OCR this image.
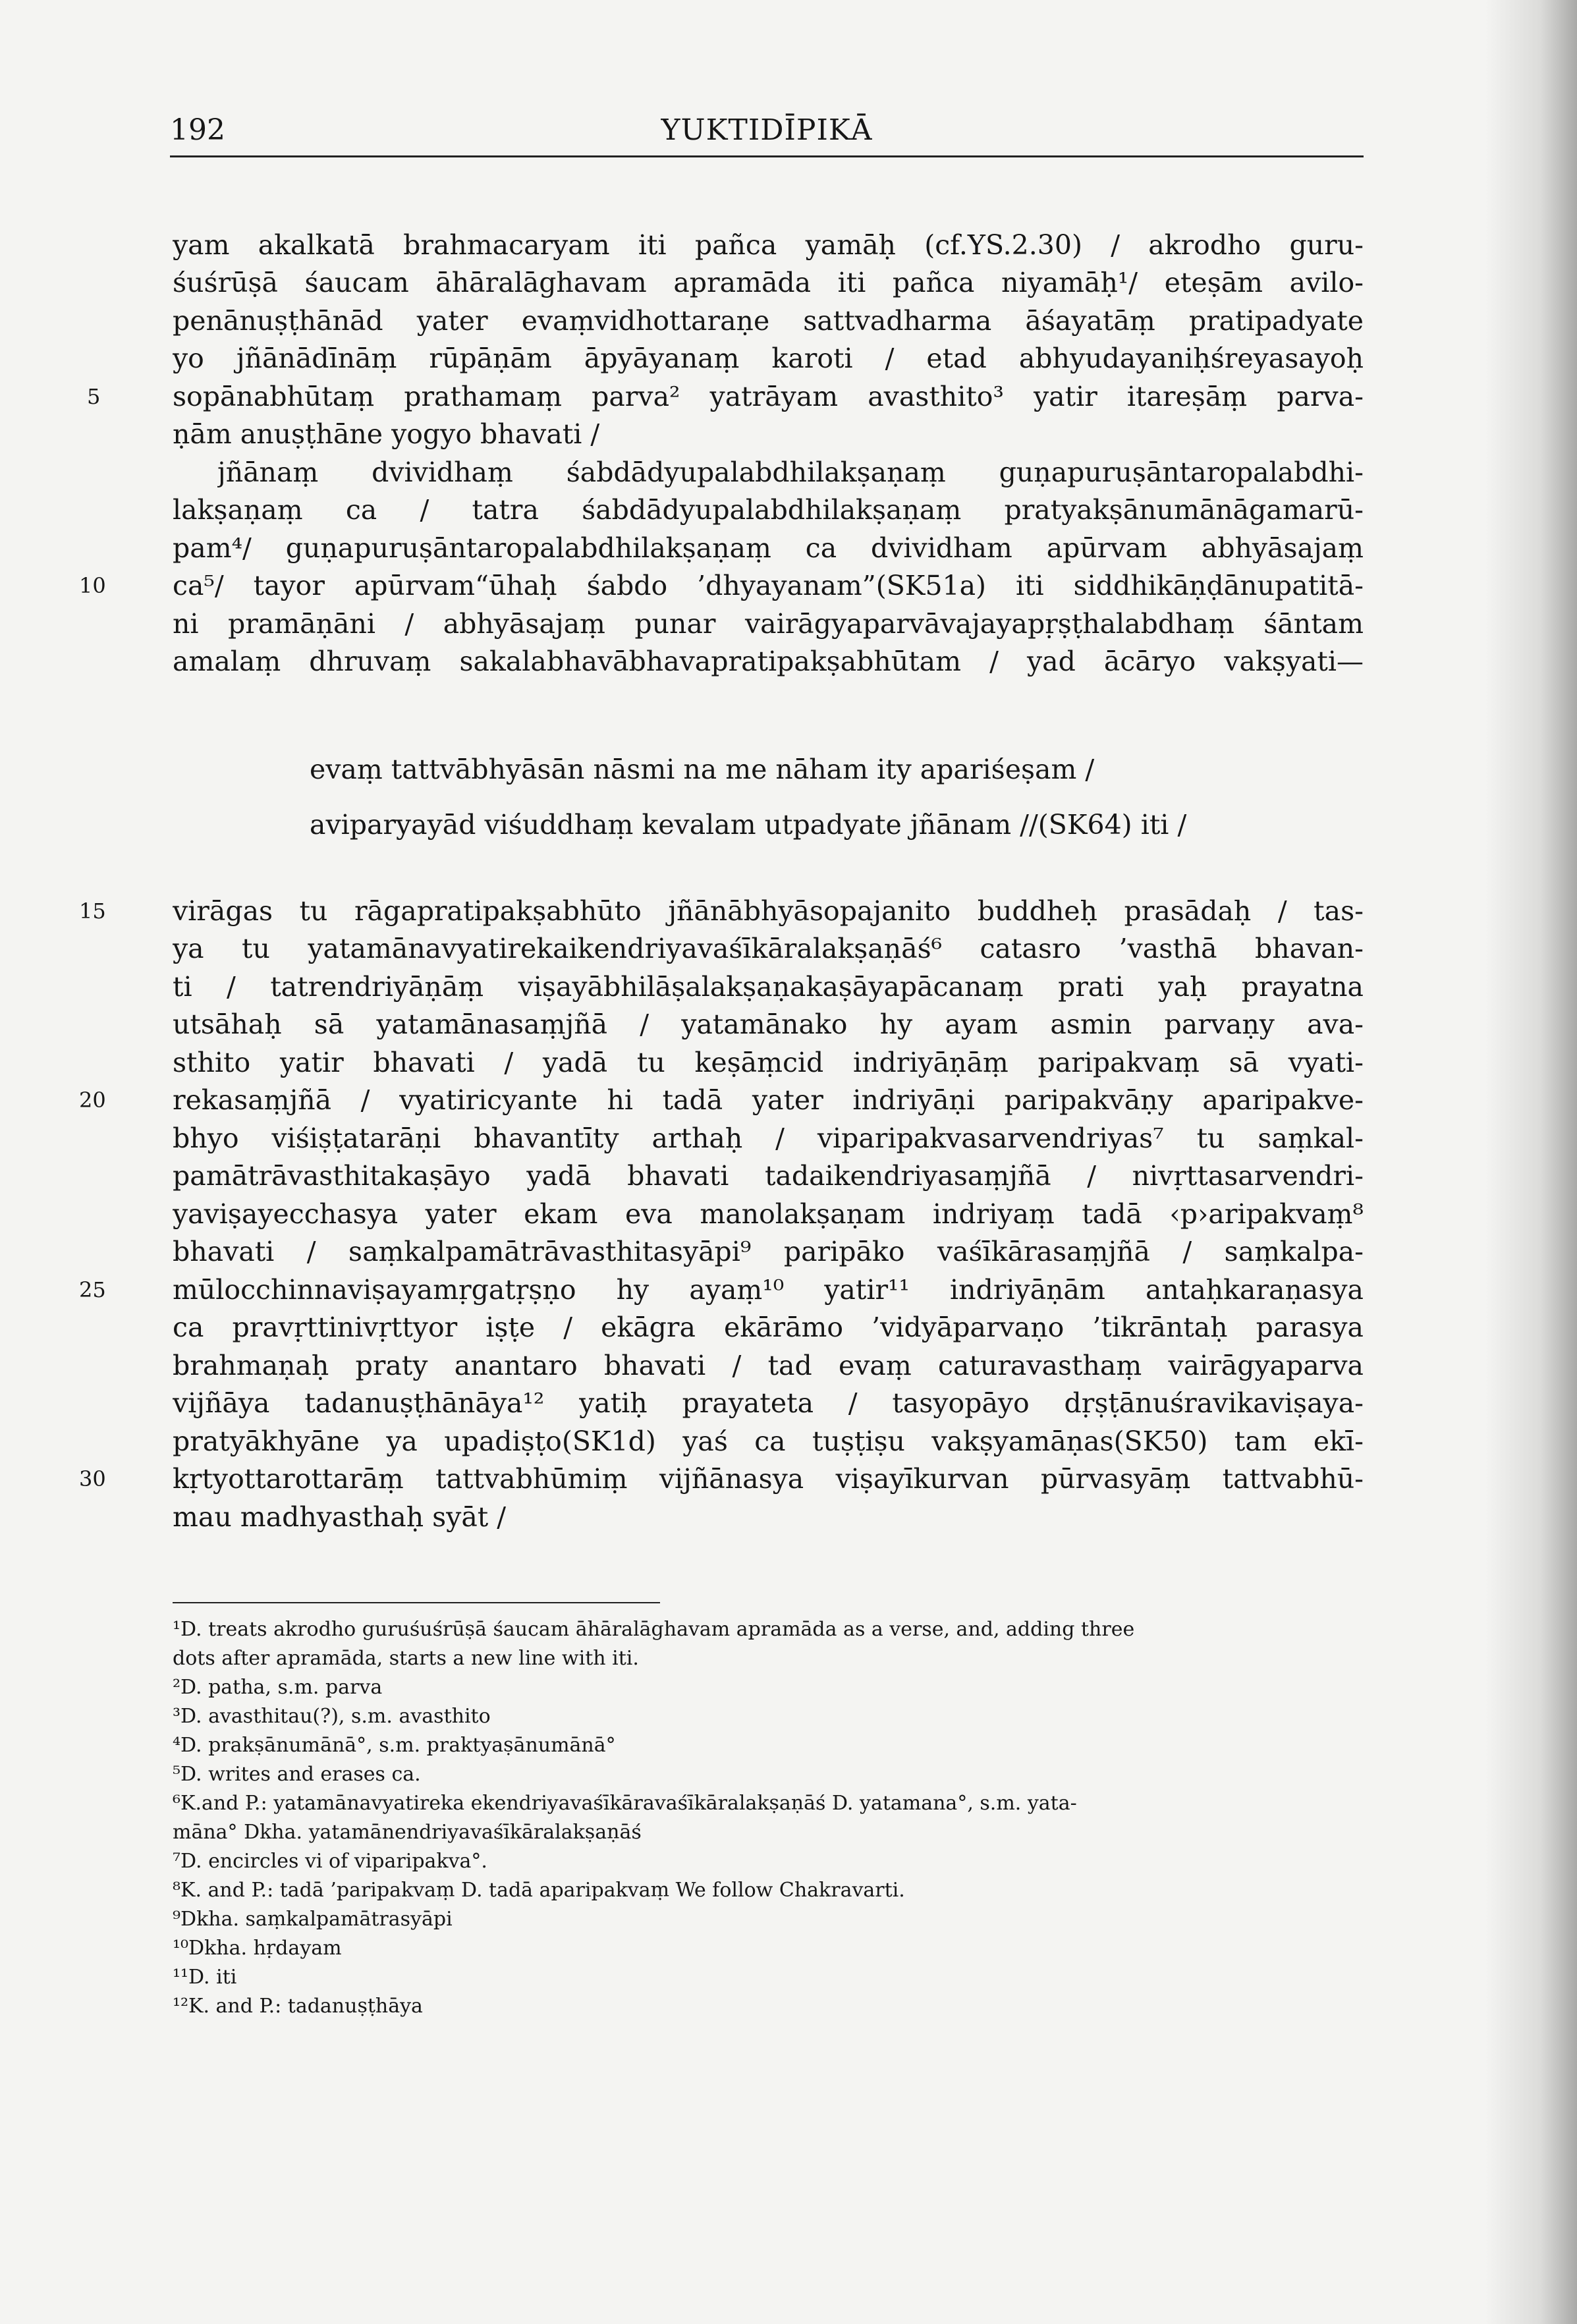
192	YUKTIDĪPIKĀ
yam akalkatā brahmacaryam iti pañca yamāḥ (cf.YS.2.30) / akrodho guru-
śuśrūṣā śaucam āhāralāghavam apramāda iti pañca niyamāḥ¹/ eteṣām avilo-
penānuṣṭhānād yater evaṃvidhottaraṇe sattvadharma āśayatāṃ pratipadyate
yo jñānādīnāṃ rūpāṇām āpyāyanaṃ karoti / etad abhyudayaniḥśreyasayoḥ
sopānabhūtaṃ prathamaṃ parva² yatrāyam avasthito³ yatir itareṣāṃ parva-
ṇām anuṣṭhāne yogyo bhavati /
jñānaṃ dvividhaṃ śabdādyupalabdhilakṣaṇaṃ guṇapuruṣāntaropalabdhi-
lakṣaṇaṃ ca / tatra śabdādyupalabdhilakṣaṇaṃ pratyakṣānumānāgamarū-
pam⁴/ guṇapuruṣāntaropalabdhilakṣaṇaṃ ca dvividham apūrvam abhyāsajaṃ
ca⁵/ tayor apūrvam“ūhaḥ śabdo ’dhyayanam”(SK51a) iti siddhikāṇḍānupatitā-
ni pramāṇāni / abhyāsajaṃ punar vairāgyaparvāvajayapṛṣṭhalabdhaṃ śāntam
amalaṃ dhruvaṃ sakalabhavābhavapratipakṣabhūtam / yad ācāryo vakṣyati—
evaṃ tattvābhyāsān nāsmi na me nāham ity apariśeṣam /
aviparyayād viśuddhaṃ kevalam utpadyate jñānam //(SK64) iti /
virāgas tu rāgapratipakṣabhūto jñānābhyāsopajanito buddheḥ prasādaḥ / tas-
ya tu yatamānavyatirekaikendriyavaśīkāralakṣaṇāś⁶ catasro ’vasthā bhavan-
ti / tatrendriyāṇāṃ viṣayābhilāṣalakṣaṇakaṣāyapācanaṃ prati yaḥ prayatna
utsāhaḥ sā yatamānasaṃjñā / yatamānako hy ayam asmin parvaṇy ava-
sthito yatir bhavati / yadā tu keṣāṃcid indriyāṇāṃ paripakvaṃ sā vyati-
rekasaṃjñā / vyatiricyante hi tadā yater indriyāṇi paripakvāṇy aparipakve-
bhyo viśiṣṭatarāṇi bhavantīty arthaḥ / viparipakvasarvendriyas⁷ tu saṃkal-
pamātrāvasthitakaṣāyo yadā bhavati tadaikendriyasaṃjñā / nivṛttasarvendri-
yaviṣayecchasya yater ekam eva manolakṣaṇam indriyaṃ tadā ‹p›aripakvaṃ⁸
bhavati / saṃkalpamātrāvasthitasyāpi⁹ paripāko vaśīkārasaṃjñā / saṃkalpa-
mūlocchinnaviṣayamṛgatṛṣṇo hy ayaṃ¹⁰ yatir¹¹ indriyāṇām antaḥkaraṇasya
ca pravṛttinivṛttyor iṣṭe / ekāgra ekārāmo ’vidyāparvaṇo ’tikrāntaḥ parasya
brahmaṇaḥ praty anantaro bhavati / tad evaṃ caturavasthaṃ vairāgyaparva
vijñāya tadanuṣṭhānāya¹² yatiḥ prayateta / tasyopāyo dṛṣṭānuśravikaviṣaya-
pratyākhyāne ya upadiṣṭo(SK1d) yaś ca tuṣṭiṣu vakṣyamāṇas(SK50) tam ekī-
kṛtyottarottarāṃ tattvabhūmiṃ vijñānasya viṣayīkurvan pūrvasyāṃ tattvabhū-
mau madhyasthaḥ syāt /
5
10
15
20
25
30
¹D. treats akrodho guruśuśrūṣā śaucam āhāralāghavam apramāda as a verse, and, adding three
dots after apramāda, starts a new line with iti.
²D. patha, s.m. parva
³D. avasthitau(?), s.m. avasthito
⁴D. prakṣānumānā°, s.m. praktyaṣānumānā°
⁵D. writes and erases ca.
⁶K.and P.: yatamānavyatireka ekendriyavaśīkāravaśīkāralakṣaṇāś D. yatamana°, s.m. yata-
māna° Dkha. yatamānendriyavaśīkāralakṣaṇāś
⁷D. encircles vi of viparipakva°.
⁸K. and P.: tadā ’paripakvaṃ D. tadā aparipakvaṃ We follow Chakravarti.
⁹Dkha. saṃkalpamātrasyāpi
¹⁰Dkha. hṛdayam
¹¹D. iti
¹²K. and P.: tadanuṣṭhāya
